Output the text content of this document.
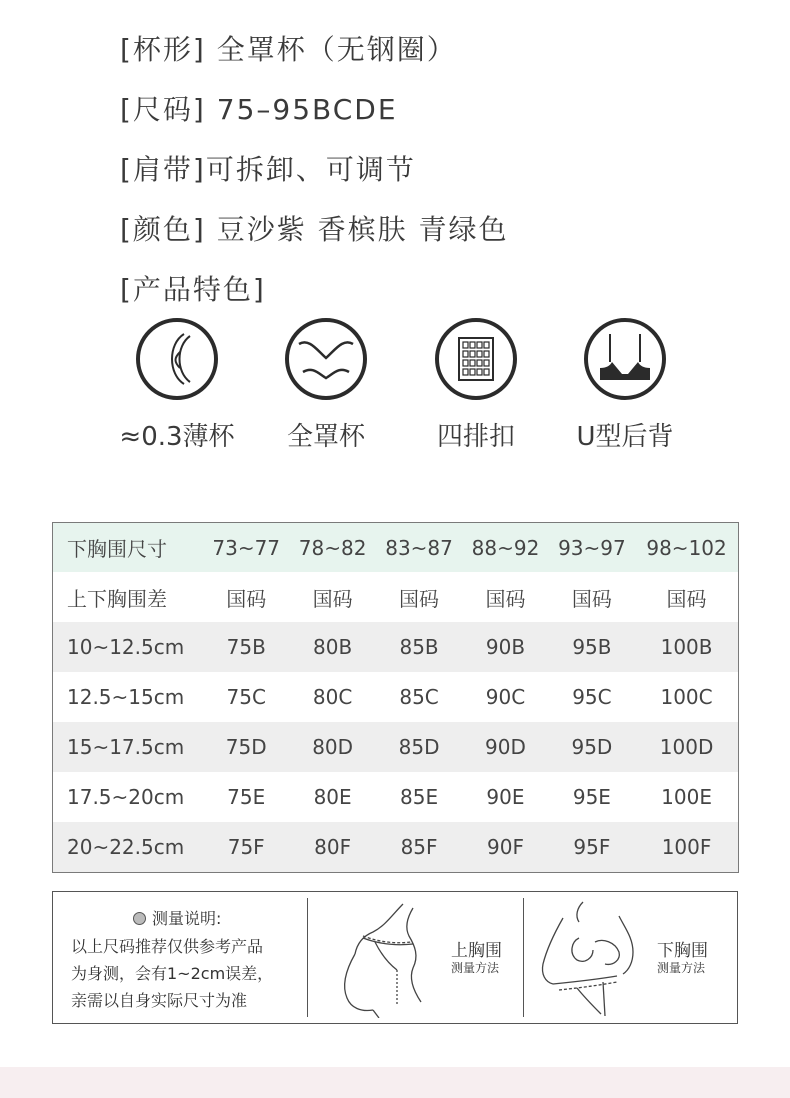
[杯形] 全罩杯（无钢圈）
[尺码] 75–95BCDE
[肩带]可拆卸、可调节
[颜色] 豆沙紫 香槟肤 青绿色
[产品特色]
≈0.3薄杯	全罩杯	四排扣	U型后背
下胸围尺寸	73~77	78~82	83~87	88~92	93~97	98~102
上下胸围差	国码	国码	国码	国码	国码	国码
10~12.5cm	75B	80B	85B	90B	95B	100B
12.5~15cm	75C	80C	85C	90C	95C	100C
15~17.5cm	75D	80D	85D	90D	95D	100D
17.5~20cm	75E	80E	85E	90E	95E	100E
20~22.5cm	75F	80F	85F	90F	95F	100F
测量说明:
以上尺码推荐仅供参考产品
为身测，会有1~2cm误差，
亲需以自身实际尺寸为准
上胸围
测量方法
下胸围
测量方法
